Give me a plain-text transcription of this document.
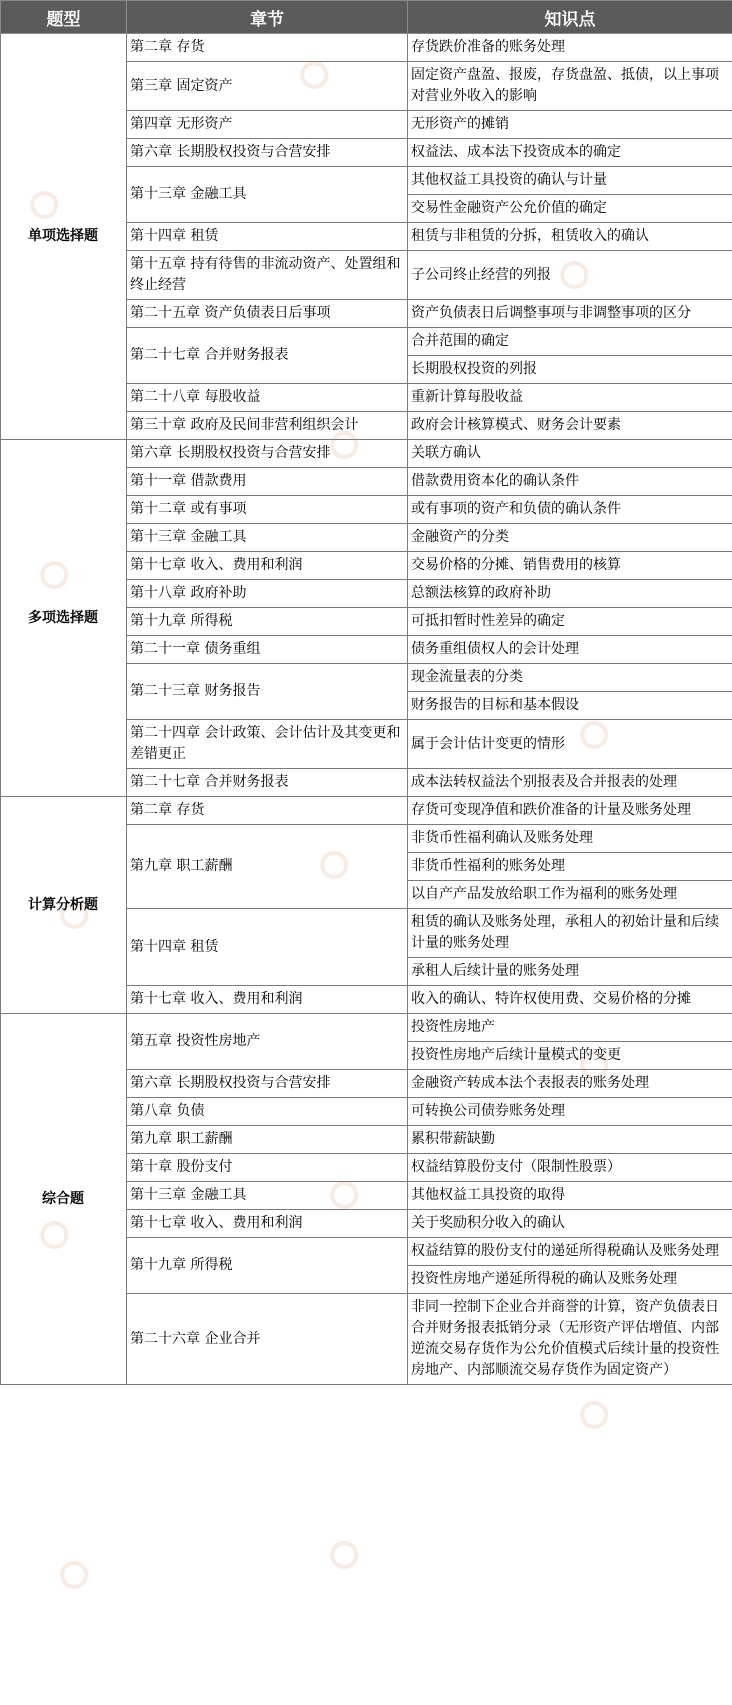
题型	章节	知识点
单项选择题	第二章 存货	存货跌价准备的账务处理
	第三章 固定资产	固定资产盘盈、报废，存货盘盈、抵债，以上事项对营业外收入的影响
	第四章 无形资产	无形资产的摊销
	第六章 长期股权投资与合营安排	权益法、成本法下投资成本的确定
	第十三章 金融工具	其他权益工具投资的确认与计量
		交易性金融资产公允价值的确定
	第十四章 租赁	租赁与非租赁的分拆，租赁收入的确认
	第十五章 持有待售的非流动资产、处置组和终止经营	子公司终止经营的列报
	第二十五章 资产负债表日后事项	资产负债表日后调整事项与非调整事项的区分
	第二十七章 合并财务报表	合并范围的确定
		长期股权投资的列报
	第二十八章 每股收益	重新计算每股收益
	第三十章 政府及民间非营利组织会计	政府会计核算模式、财务会计要素
多项选择题	第六章 长期股权投资与合营安排	关联方确认
	第十一章 借款费用	借款费用资本化的确认条件
	第十二章 或有事项	或有事项的资产和负债的确认条件
	第十三章 金融工具	金融资产的分类
	第十七章 收入、费用和利润	交易价格的分摊、销售费用的核算
	第十八章 政府补助	总额法核算的政府补助
	第十九章 所得税	可抵扣暂时性差异的确定
	第二十一章 债务重组	债务重组债权人的会计处理
	第二十三章 财务报告	现金流量表的分类
		财务报告的目标和基本假设
	第二十四章 会计政策、会计估计及其变更和差错更正	属于会计估计变更的情形
	第二十七章 合并财务报表	成本法转权益法个别报表及合并报表的处理
计算分析题	第二章 存货	存货可变现净值和跌价准备的计量及账务处理
	第九章 职工薪酬	非货币性福利确认及账务处理
		非货币性福利的账务处理
		以自产产品发放给职工作为福利的账务处理
	第十四章 租赁	租赁的确认及账务处理，承租人的初始计量和后续计量的账务处理
		承租人后续计量的账务处理
	第十七章 收入、费用和利润	收入的确认、特许权使用费、交易价格的分摊
综合题	第五章 投资性房地产	投资性房地产
		投资性房地产后续计量模式的变更
	第六章 长期股权投资与合营安排	金融资产转成本法个表报表的账务处理
	第八章 负债	可转换公司债券账务处理
	第九章 职工薪酬	累积带薪缺勤
	第十章 股份支付	权益结算股份支付（限制性股票）
	第十三章 金融工具	其他权益工具投资的取得
	第十七章 收入、费用和利润	关于奖励积分收入的确认
	第十九章 所得税	权益结算的股份支付的递延所得税确认及账务处理
		投资性房地产递延所得税的确认及账务处理
	第二十六章 企业合并	非同一控制下企业合并商誉的计算，资产负债表日合并财务报表抵销分录（无形资产评估增值、内部逆流交易存货作为公允价值模式后续计量的投资性房地产、内部顺流交易存货作为固定资产）
